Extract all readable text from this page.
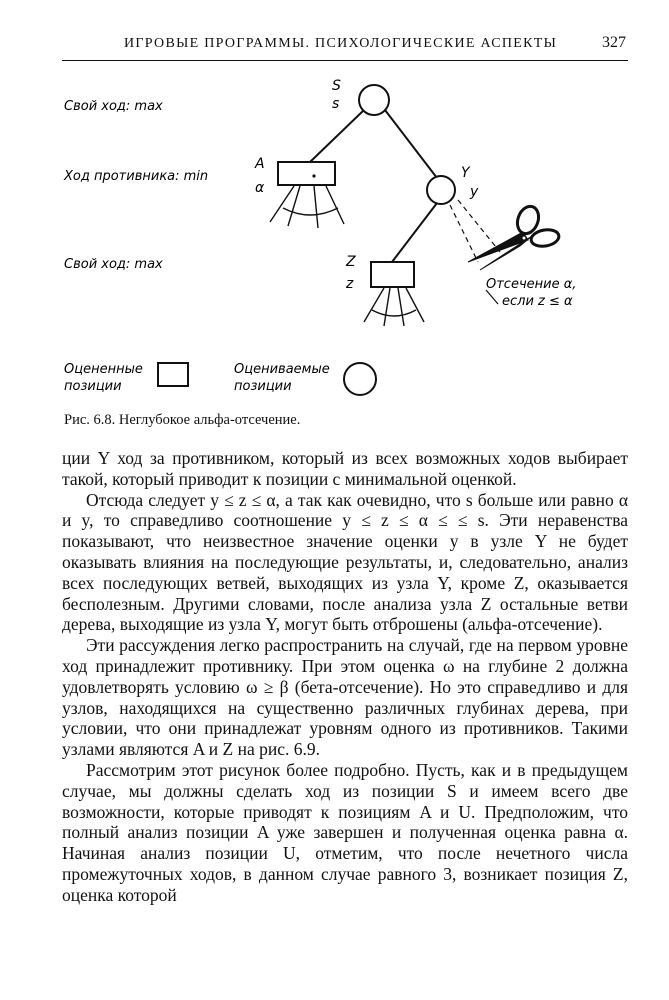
ИГРОВЫЕ ПРОГРАММЫ. ПСИХОЛОГИЧЕСКИЕ АСПЕКТЫ	327
Свой ход: max
Ход противника: min
Свой ход: max
S
s
A
α
Y
y
Z
z	Отсечение α,
если z ≤ α
Оцененные
позиции
Оцениваемые
позиции
Рис. 6.8. Неглубокое альфа-отсечение.

ции Y ход за противником, который из всех возможных ходов выбирает такой, который приводит к позиции с минимальной оценкой.

Отсюда следует y ≤ z ≤ α, а так как очевидно, что s больше или равно α и y, то справедливо соотношение y ≤ z ≤ α ≤ ≤ s. Эти неравенства показывают, что неизвестное значение оценки y в узле Y не будет оказывать влияния на последующие результаты, и, следовательно, анализ всех последующих ветвей, выходящих из узла Y, кроме Z, оказывается бесполезным. Другими словами, после анализа узла Z остальные ветви дерева, выходящие из узла Y, могут быть отброшены (альфа-отсечение).

Эти рассуждения легко распространить на случай, где на первом уровне ход принадлежит противнику. При этом оценка ω на глубине 2 должна удовлетворять условию ω ≥ β (бета-отсечение). Но это справедливо и для узлов, находящихся на существенно различных глубинах дерева, при условии, что они принадлежат уровням одного из противников. Такими узлами являются A и Z на рис. 6.9.

Рассмотрим этот рисунок более подробно. Пусть, как и в предыдущем случае, мы должны сделать ход из позиции S и имеем всего две возможности, которые приводят к позициям A и U. Предположим, что полный анализ позиции A уже завершен и полученная оценка равна α. Начиная анализ позиции U, отметим, что после нечетного числа промежуточных ходов, в данном случае равного 3, возникает позиция Z, оценка которой
